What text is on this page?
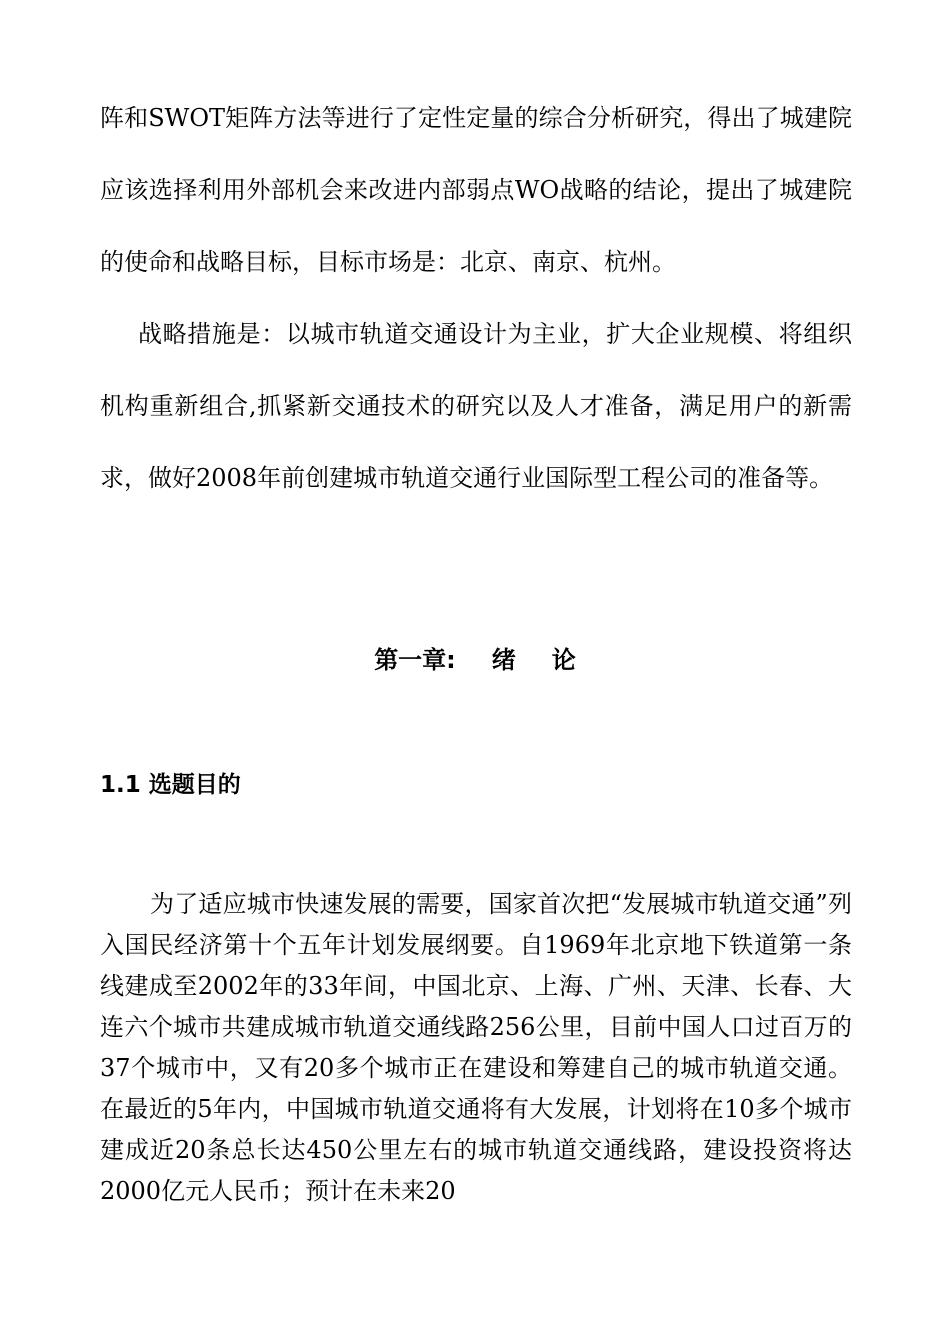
阵和SWOT矩阵方法等进行了定性定量的综合分析研究，得出了城建院应该选择利用外部机会来改进内部弱点WO战略的结论，提出了城建院的使命和战略目标，目标市场是：北京、南京、杭州。

战略措施是：以城市轨道交通设计为主业，扩大企业规模、将组织机构重新组合,抓紧新交通技术的研究以及人才准备，满足用户的新需求，做好2008年前创建城市轨道交通行业国际型工程公司的准备等。

第一章: 绪 论
1.1 选题目的

为了适应城市快速发展的需要，国家首次把“发展城市轨道交通”列入国民经济第十个五年计划发展纲要。自1969年北京地下铁道第一条线建成至2002年的33年间，中国北京、上海、广州、天津、长春、大连六个城市共建成城市轨道交通线路256公里，目前中国人口过百万的37个城市中，又有20多个城市正在建设和筹建自己的城市轨道交通。在最近的5年内，中国城市轨道交通将有大发展，计划将在10多个城市建成近20条总长达450公里左右的城市轨道交通线路，建设投资将达2000亿元人民币；预计在未来20
